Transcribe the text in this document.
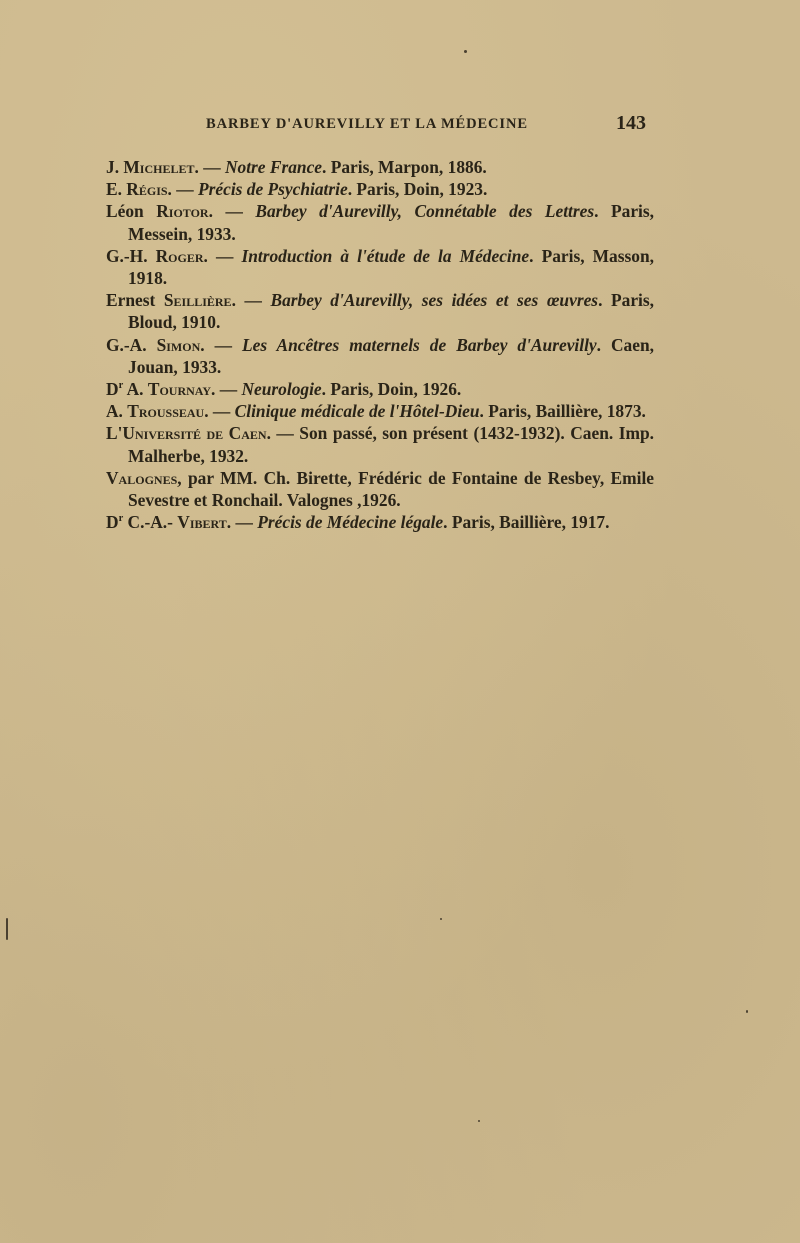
BARBEY D'AUREVILLY ET LA MÉDECINE	143
J. Michelet. — Notre France. Paris, Marpon, 1886.
E. Régis. — Précis de Psychiatrie. Paris, Doin, 1923.
Léon Riotor. — Barbey d'Aurevilly, Connétable des Lettres. Paris, Messein, 1933.
G.-H. Roger. — Introduction à l'étude de la Médecine. Paris, Masson, 1918.
Ernest Seillière. — Barbey d'Aurevilly, ses idées et ses œuvres. Paris, Bloud, 1910.
G.-A. Simon. — Les Ancêtres maternels de Barbey d'Aurevilly. Caen, Jouan, 1933.
$D^r$ A. Tournay. — Neurologie. Paris, Doin, 1926.
A. Trousseau. — Clinique médicale de l'Hôtel-Dieu. Paris, Baillière, 1873.
L'Université de Caen. — Son passé, son présent (1432-1932). Caen. Imp. Malherbe, 1932.
Valognes, par MM. Ch. Birette, Frédéric de Fontaine de Resbey, Emile Sevestre et Ronchail. Valognes ,1926.
$D^r$ C.-A.- Vibert. — Précis de Médecine légale. Paris, Baillière, 1917.
